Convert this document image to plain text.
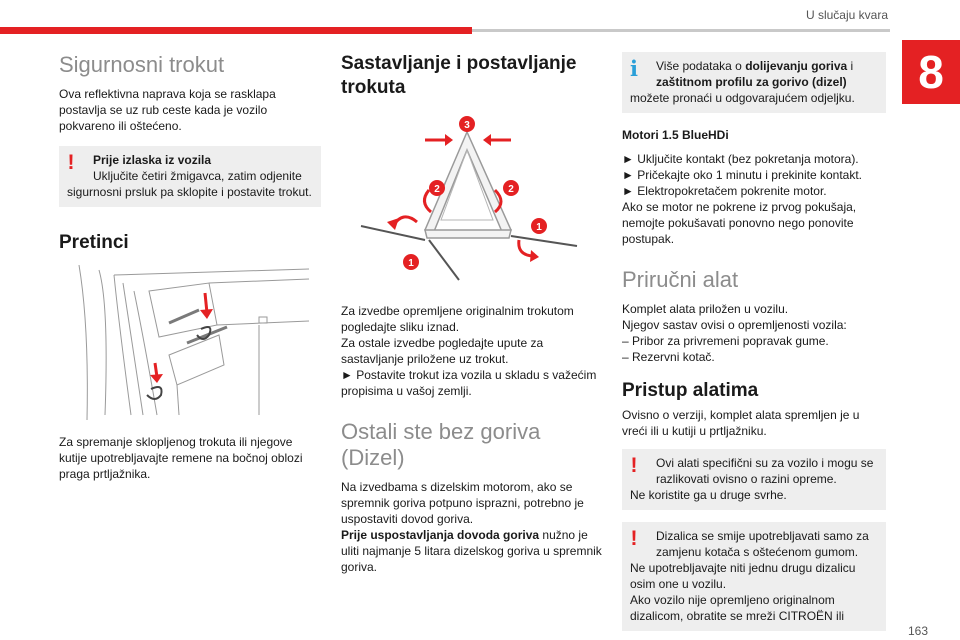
U slučaju kvara
8
163
Sigurnosni trokut

Ova reflektivna naprava koja se rasklapa
postavlja se uz rub ceste kada je vozilo
pokvareno ili oštećeno.

!	Prije izlaska iz vozila
Uključite četiri žmigavca, zatim odjenite
sigurnosni prsluk pa sklopite i postavite trokut.
Pretinci

Za spremanje sklopljenog trokuta ili njegove
kutije upotrebljavajte remene na bočnoj oblozi
praga prtljažnika.

Sastavljanje i postavljanje
trokuta
3
2	2
1
1

Za izvedbe opremljene originalnim trokutom
pogledajte sliku iznad.
Za ostale izvedbe pogledajte upute za
sastavljanje priložene uz trokut.
► Postavite trokut iza vozila u skladu s važećim
propisima u vašoj zemlji.

Ostali ste bez goriva
(Dizel)

Na izvedbama s dizelskim motorom, ako se
spremnik goriva potpuno isprazni, potrebno je
uspostaviti dovod goriva.
Prije uspostavljanja dovoda goriva nužno je
uliti najmanje 5 litara dizelskog goriva u spremnik
goriva.

i	Više podataka o dolijevanju goriva i
zaštitnom profilu za gorivo (dizel)
možete pronaći u odgovarajućem odjeljku.

Motori 1.5 BlueHDi

► Uključite kontakt (bez pokretanja motora).
► Pričekajte oko 1 minutu i prekinite kontakt.
► Elektropokretačem pokrenite motor.
Ako se motor ne pokrene iz prvog pokušaja,
nemojte pokušavati ponovno nego ponovite
postupak.

Priručni alat

Komplet alata priložen u vozilu.
Njegov sastav ovisi o opremljenosti vozila:
– Pribor za privremeni popravak gume.
– Rezervni kotač.

Pristup alatima

Ovisno o verziji, komplet alata spremljen je u
vreći ili u kutiji u prtljažniku.

!	Ovi alati specifični su za vozilo i mogu se
razlikovati ovisno o razini opreme.
Ne koristite ga u druge svrhe.
!	Dizalica se smije upotrebljavati samo za
zamjenu kotača s oštećenom gumom.
Ne upotrebljavajte niti jednu drugu dizalicu
osim one u vozilu.
Ako vozilo nije opremljeno originalnom
dizalicom, obratite se mreži CITROËN ili
